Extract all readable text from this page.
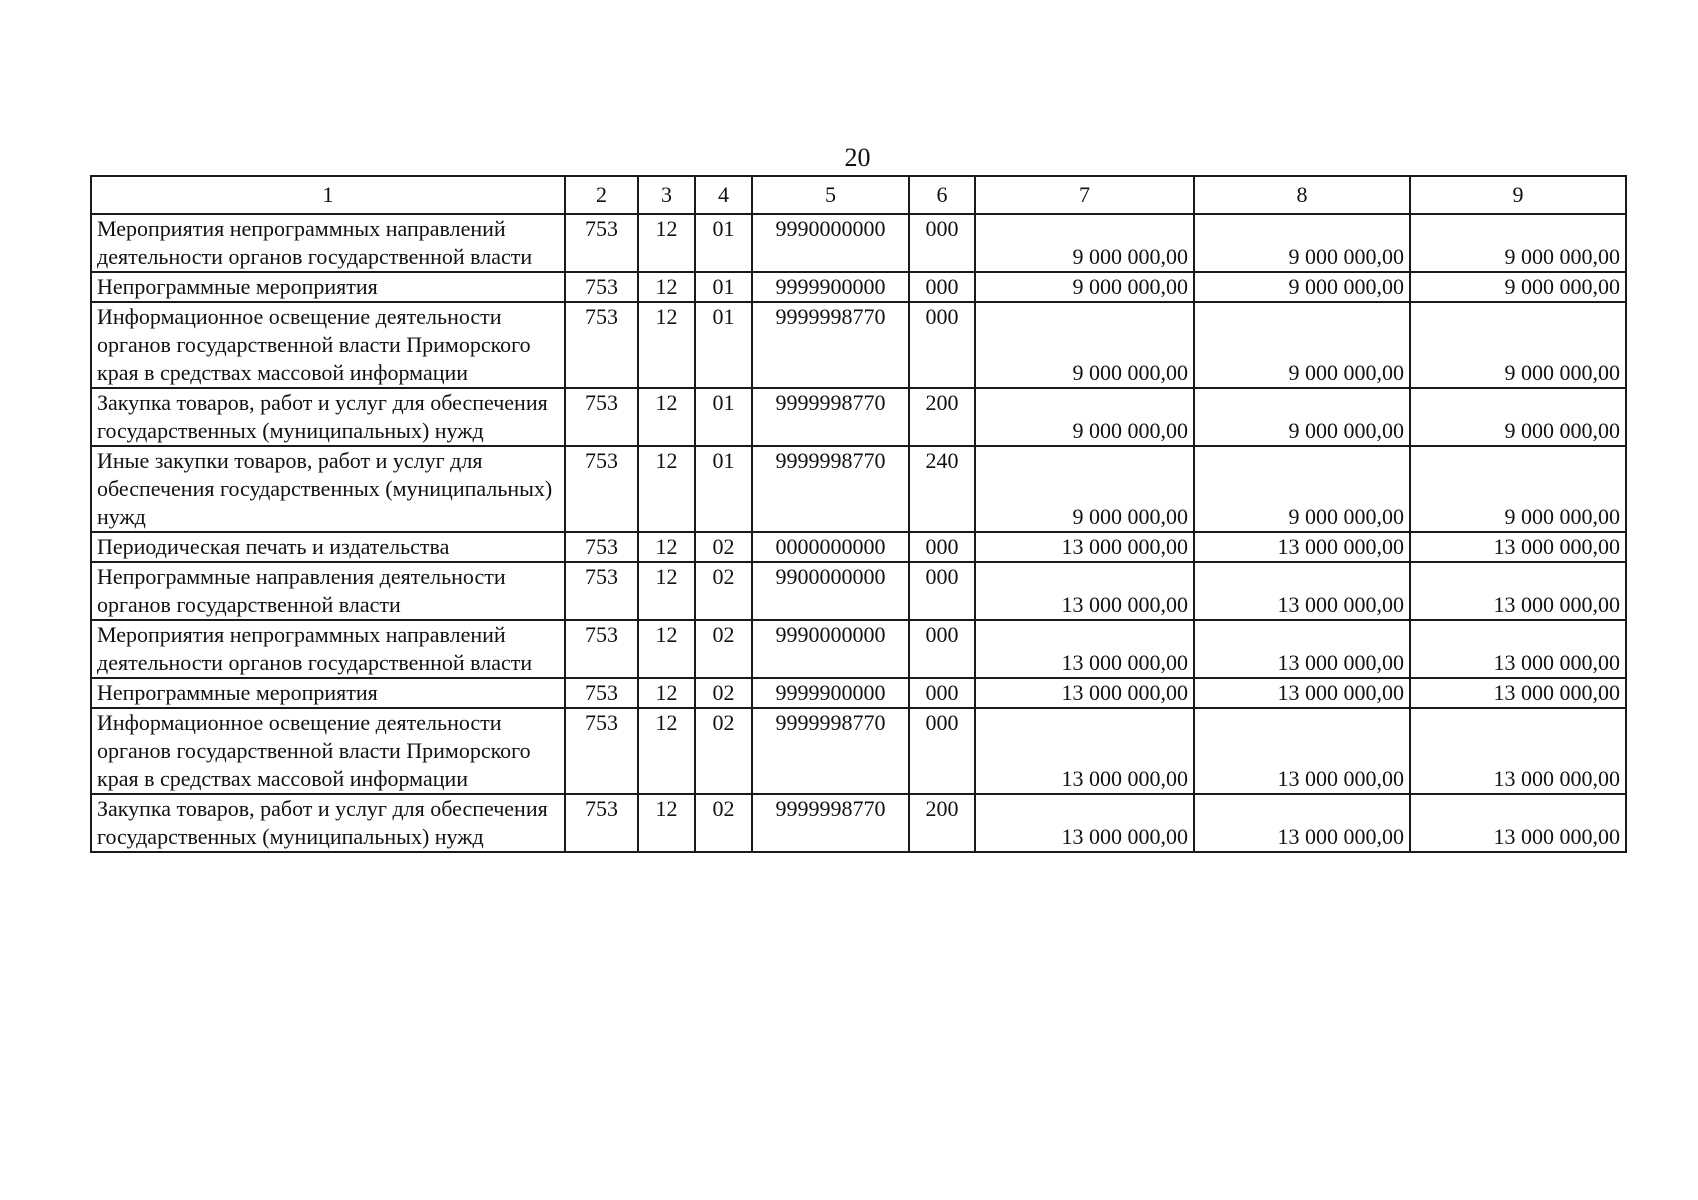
20
1	2	3	4	5	6	7	8	9
Мероприятия непрограммных направлений деятельности органов государственной власти	753	12	01	9990000000	000	9 000 000,00	9 000 000,00	9 000 000,00
Непрограммные мероприятия	753	12	01	9999900000	000	9 000 000,00	9 000 000,00	9 000 000,00
Информационное освещение деятельности органов государственной власти Приморского края в средствах массовой информации	753	12	01	9999998770	000	9 000 000,00	9 000 000,00	9 000 000,00
Закупка товаров, работ и услуг для обеспечения государственных (муниципальных) нужд	753	12	01	9999998770	200	9 000 000,00	9 000 000,00	9 000 000,00
Иные закупки товаров, работ и услуг для обеспечения государственных (муниципальных) нужд	753	12	01	9999998770	240	9 000 000,00	9 000 000,00	9 000 000,00
Периодическая печать и издательства	753	12	02	0000000000	000	13 000 000,00	13 000 000,00	13 000 000,00
Непрограммные направления деятельности органов государственной власти	753	12	02	9900000000	000	13 000 000,00	13 000 000,00	13 000 000,00
Мероприятия непрограммных направлений деятельности органов государственной власти	753	12	02	9990000000	000	13 000 000,00	13 000 000,00	13 000 000,00
Непрограммные мероприятия	753	12	02	9999900000	000	13 000 000,00	13 000 000,00	13 000 000,00
Информационное освещение деятельности органов государственной власти Приморского края в средствах массовой информации	753	12	02	9999998770	000	13 000 000,00	13 000 000,00	13 000 000,00
Закупка товаров, работ и услуг для обеспечения государственных (муниципальных) нужд	753	12	02	9999998770	200	13 000 000,00	13 000 000,00	13 000 000,00
